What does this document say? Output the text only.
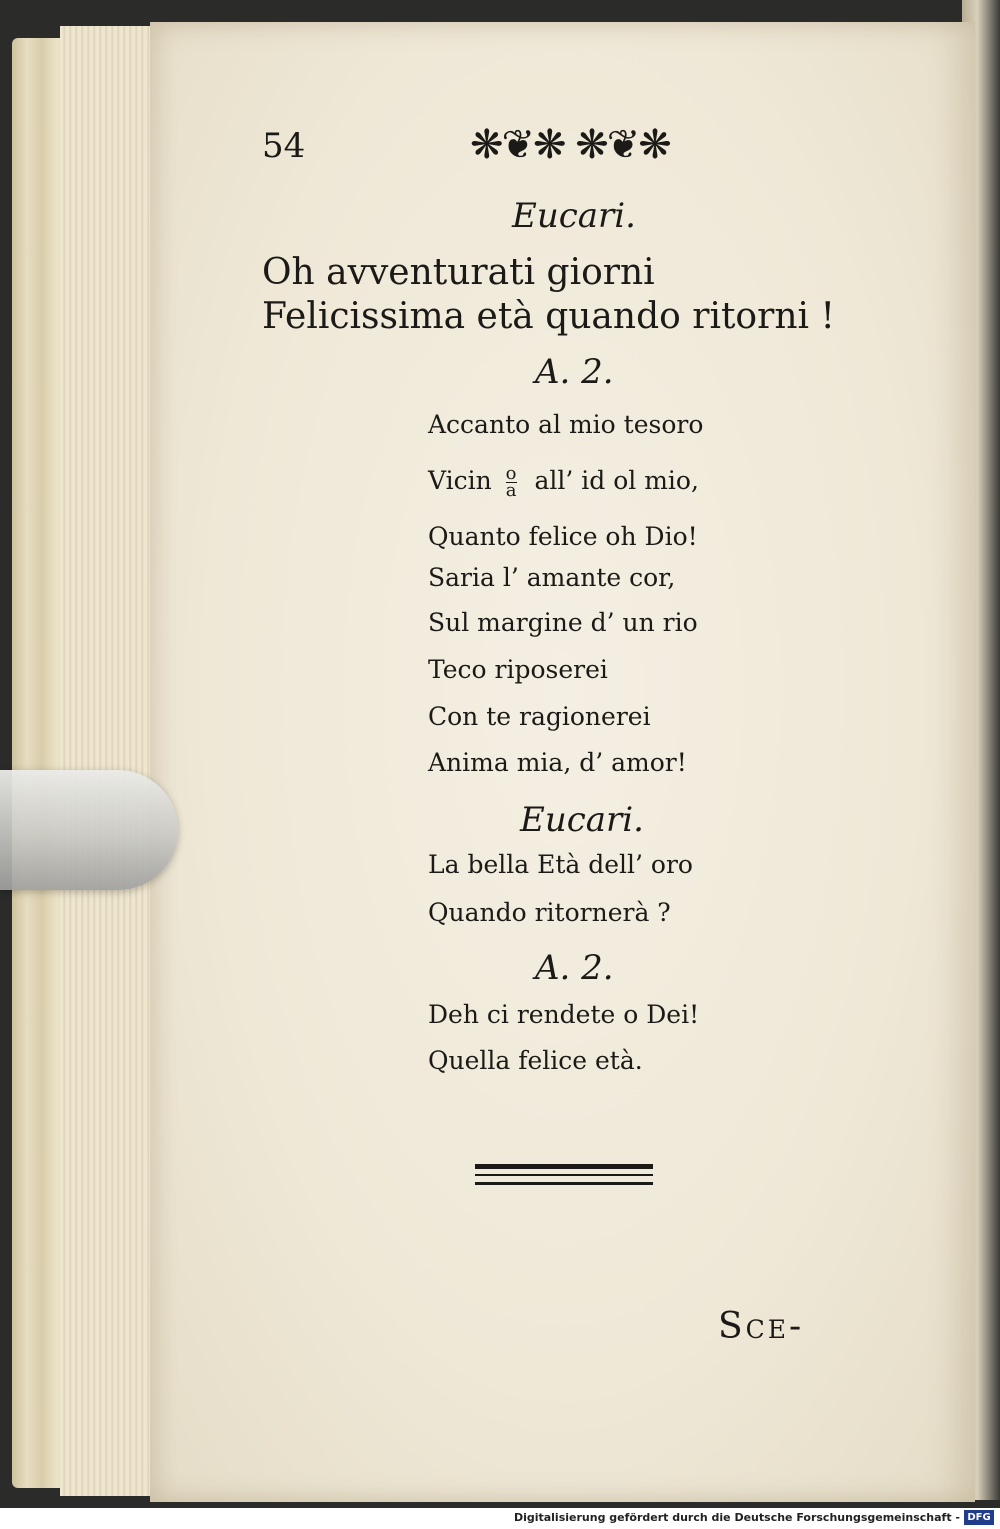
54	❋❦❋ ❋❦❋
Eucari.
Oh avventurati giorni
Felicissima età quando ritorni !
A. 2.
Accanto al mio tesoro
Vicin $\frac{o}{a}$ all’ id ol mio,
Quanto felice oh Dio!
Saria l’ amante cor,
Sul margine d’ un rio
Teco riposerei
Con te ragionerei
Anima mia, d’ amor!
Eucari.
La bella Età dell’ oro
Quando ritornerà ?
A. 2.
Deh ci rendete o Dei!
Quella felice età.
Sce-
Digitalisierung gefördert durch die Deutsche Forschungsgemeinschaft - DFG
